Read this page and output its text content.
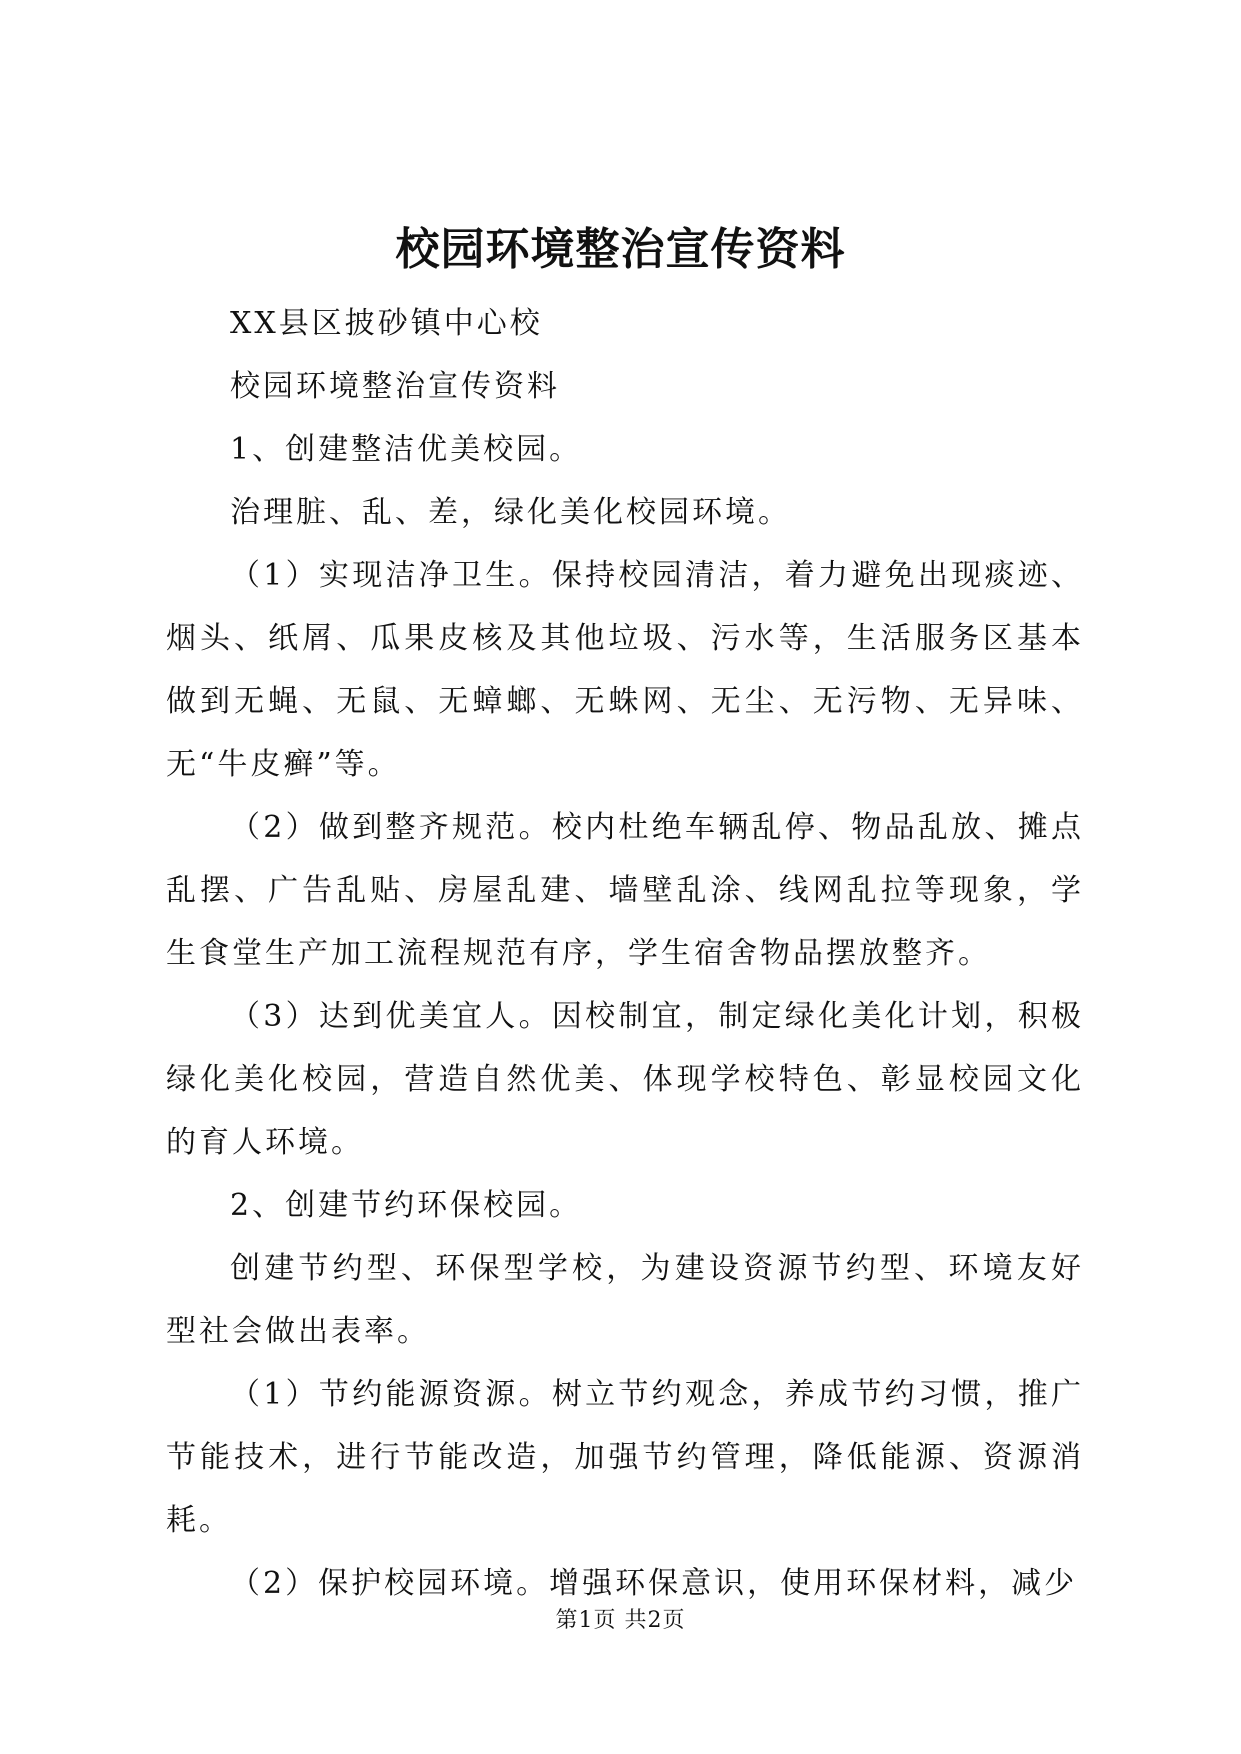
校园环境整治宣传资料

XX县区披砂镇中心校

校园环境整治宣传资料

1、创建整洁优美校园。

治理脏、乱、差，绿化美化校园环境。

（1）实现洁净卫生。保持校园清洁，着力避免出现痰迹、烟头、纸屑、瓜果皮核及其他垃圾、污水等，生活服务区基本做到无蝇、无鼠、无蟑螂、无蛛网、无尘、无污物、无异味、无“牛皮癣”等。

（2）做到整齐规范。校内杜绝车辆乱停、物品乱放、摊点乱摆、广告乱贴、房屋乱建、墙壁乱涂、线网乱拉等现象，学生食堂生产加工流程规范有序，学生宿舍物品摆放整齐。

（3）达到优美宜人。因校制宜，制定绿化美化计划，积极绿化美化校园，营造自然优美、体现学校特色、彰显校园文化的育人环境。

2、创建节约环保校园。

创建节约型、环保型学校，为建设资源节约型、环境友好型社会做出表率。

（1）节约能源资源。树立节约观念，养成节约习惯，推广节能技术，进行节能改造，加强节约管理，降低能源、资源消耗。

（2）保护校园环境。增强环保意识，使用环保材料，减少

第1页 共2页
